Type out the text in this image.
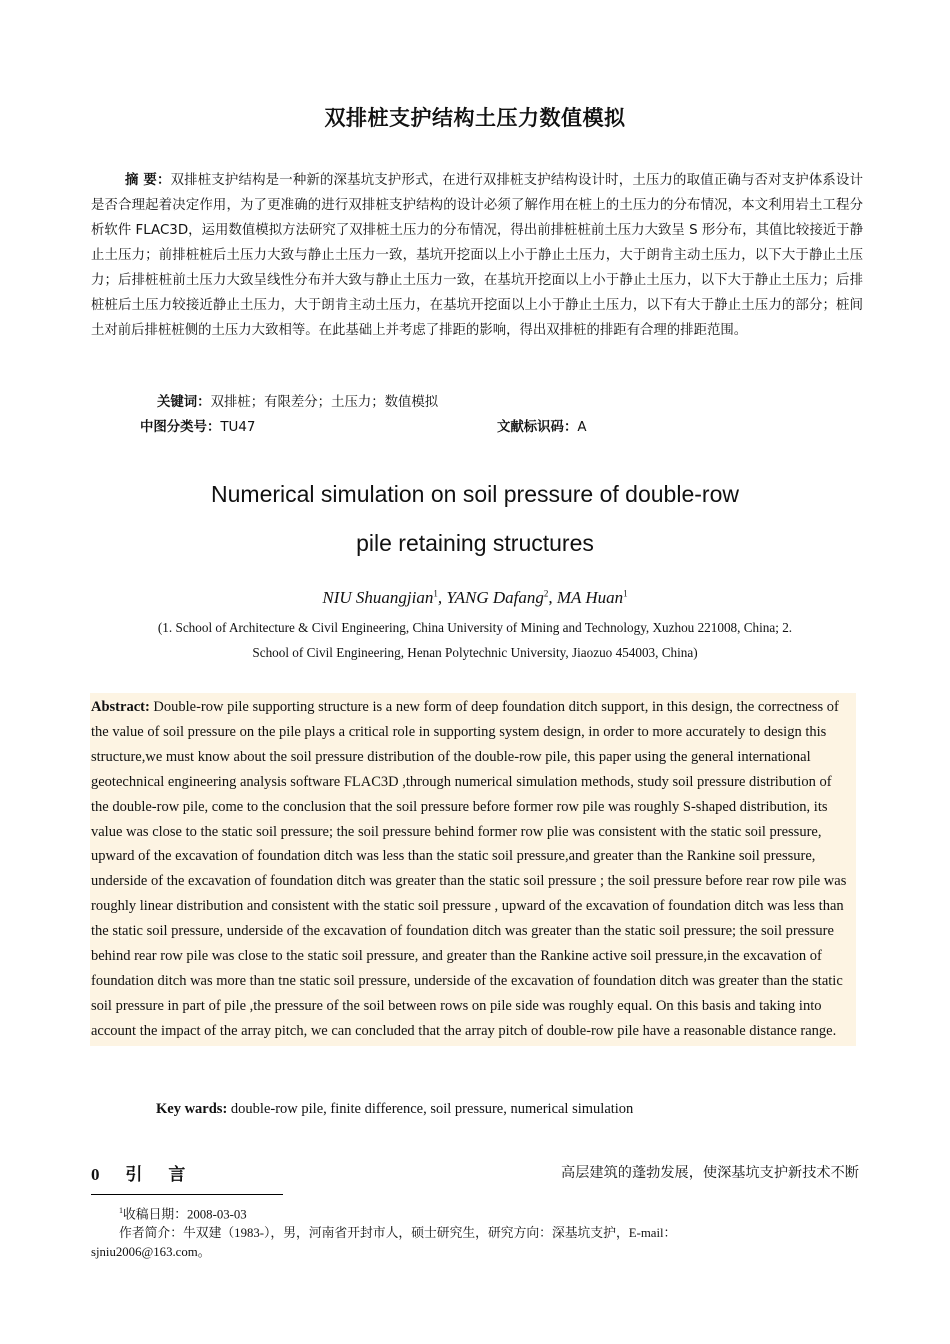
双排桩支护结构土压力数值模拟

摘 要：双排桩支护结构是一种新的深基坑支护形式，在进行双排桩支护结构设计时，土压力的取值正确与否对支护体系设计是否合理起着决定作用，为了更准确的进行双排桩支护结构的设计必须了解作用在桩上的土压力的分布情况，本文利用岩土工程分析软件 FLAC3D，运用数值模拟方法研究了双排桩土压力的分布情况，得出前排桩桩前土压力大致呈 S 形分布，其值比较接近于静止土压力；前排桩桩后土压力大致与静止土压力一致，基坑开挖面以上小于静止土压力，大于朗肯主动土压力，以下大于静止土压力；后排桩桩前土压力大致呈线性分布并大致与静止土压力一致，在基坑开挖面以上小于静止土压力，以下大于静止土压力；后排桩桩后土压力较接近静止土压力，大于朗肯主动土压力，在基坑开挖面以上小于静止土压力，以下有大于静止土压力的部分；桩间土对前后排桩桩侧的土压力大致相等。在此基础上并考虑了排距的影响，得出双排桩的排距有合理的排距范围。

关键词：双排桩；有限差分；土压力；数值模拟
中图分类号：TU47	文献标识码：A
Numerical simulation on soil pressure of double-row
pile retaining structures
NIU Shuangjian$^1$, YANG Dafang$^2$, MA Huan$^1$
(1. School of Architecture & Civil Engineering, China University of Mining and Technology, Xuzhou 221008, China; 2.
School of Civil Engineering, Henan Polytechnic University, Jiaozuo 454003, China)

Abstract: Double-row pile supporting structure is a new form of deep foundation ditch support, in this design, the correctness of the value of soil pressure on the pile plays a critical role in supporting system design, in order to more accurately to design this structure,we must know about the soil pressure distribution of the double-row pile, this paper using the general international geotechnical engineering analysis software FLAC3D ,through numerical simulation methods, study soil pressure distribution of the double-row pile, come to the conclusion that the soil pressure before former row pile was roughly S-shaped distribution, its value was close to the static soil pressure; the soil pressure behind former row plie was consistent with the static soil pressure, upward of the excavation of foundation ditch was less than the static soil pressure,and greater than the Rankine soil pressure, underside of the excavation of foundation ditch was greater than the static soil pressure ; the soil pressure before rear row pile was roughly linear distribution and consistent with the static soil pressure , upward of the excavation of foundation ditch was less than the static soil pressure, underside of the excavation of foundation ditch was greater than the static soil pressure; the soil pressure behind rear row pile was close to the static soil pressure, and greater than the Rankine active soil pressure,in the excavation of foundation ditch was more than tne static soil pressure, underside of the excavation of foundation ditch was greater than the static soil pressure in part of pile ,the pressure of the soil between rows on pile side was roughly equal. On this basis and taking into account the impact of the array pitch, we can concluded that the array pitch of double-row pile have a reasonable distance range.

Key wards: double-row pile, finite difference, soil pressure, numerical simulation
0 引 言	高层建筑的蓬勃发展，使深基坑支护新技术不断
$^1$收稿日期：2008-03-03
作者简介：牛双建（1983-），男，河南省开封市人，硕士研究生，研究方向：深基坑支护，E-mail：
sjniu2006@163.com。
